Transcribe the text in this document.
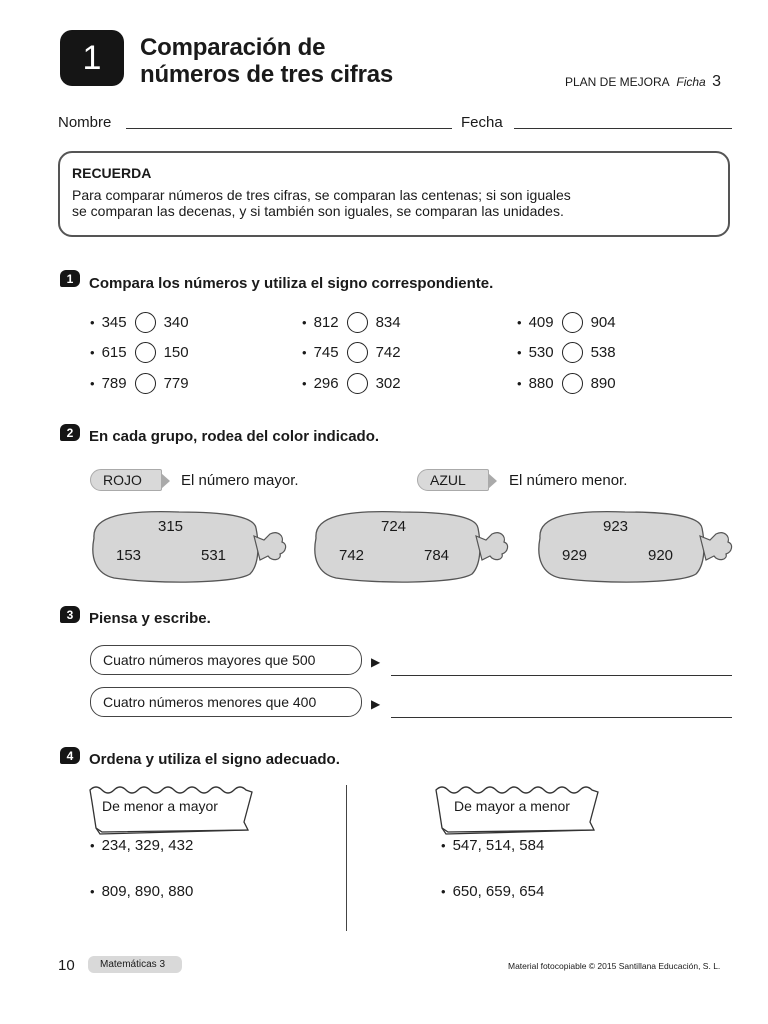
1 Comparación de
números de tres cifras	PLAN DE MEJORA Ficha 3
Nombre	Fecha
RECUERDA
Para comparar números de tres cifras, se comparan las centenas; si son iguales
se comparan las decenas, y si también son iguales, se comparan las unidades.
1	Compara los números y utiliza el signo correspondiente.
• 345 340
• 615 150
• 789 779
• 812 834
• 745 742
• 296 302
• 409 904
• 530 538
• 880 890
2	En cada grupo, rodea del color indicado.
ROJO	El número mayor.	AZUL	El número menor.
315
153	531
724
742	784
923
929	920
3	Piensa y escribe.
Cuatro números mayores que 500	▶
Cuatro números menores que 400	▶
4	Ordena y utiliza el signo adecuado.
De menor a mayor	De mayor a menor
• 234, 329, 432
• 809, 890, 880
• 547, 514, 584
• 650, 659, 654
10	Matemáticas 3	Material fotocopiable © 2015 Santillana Educación, S. L.
